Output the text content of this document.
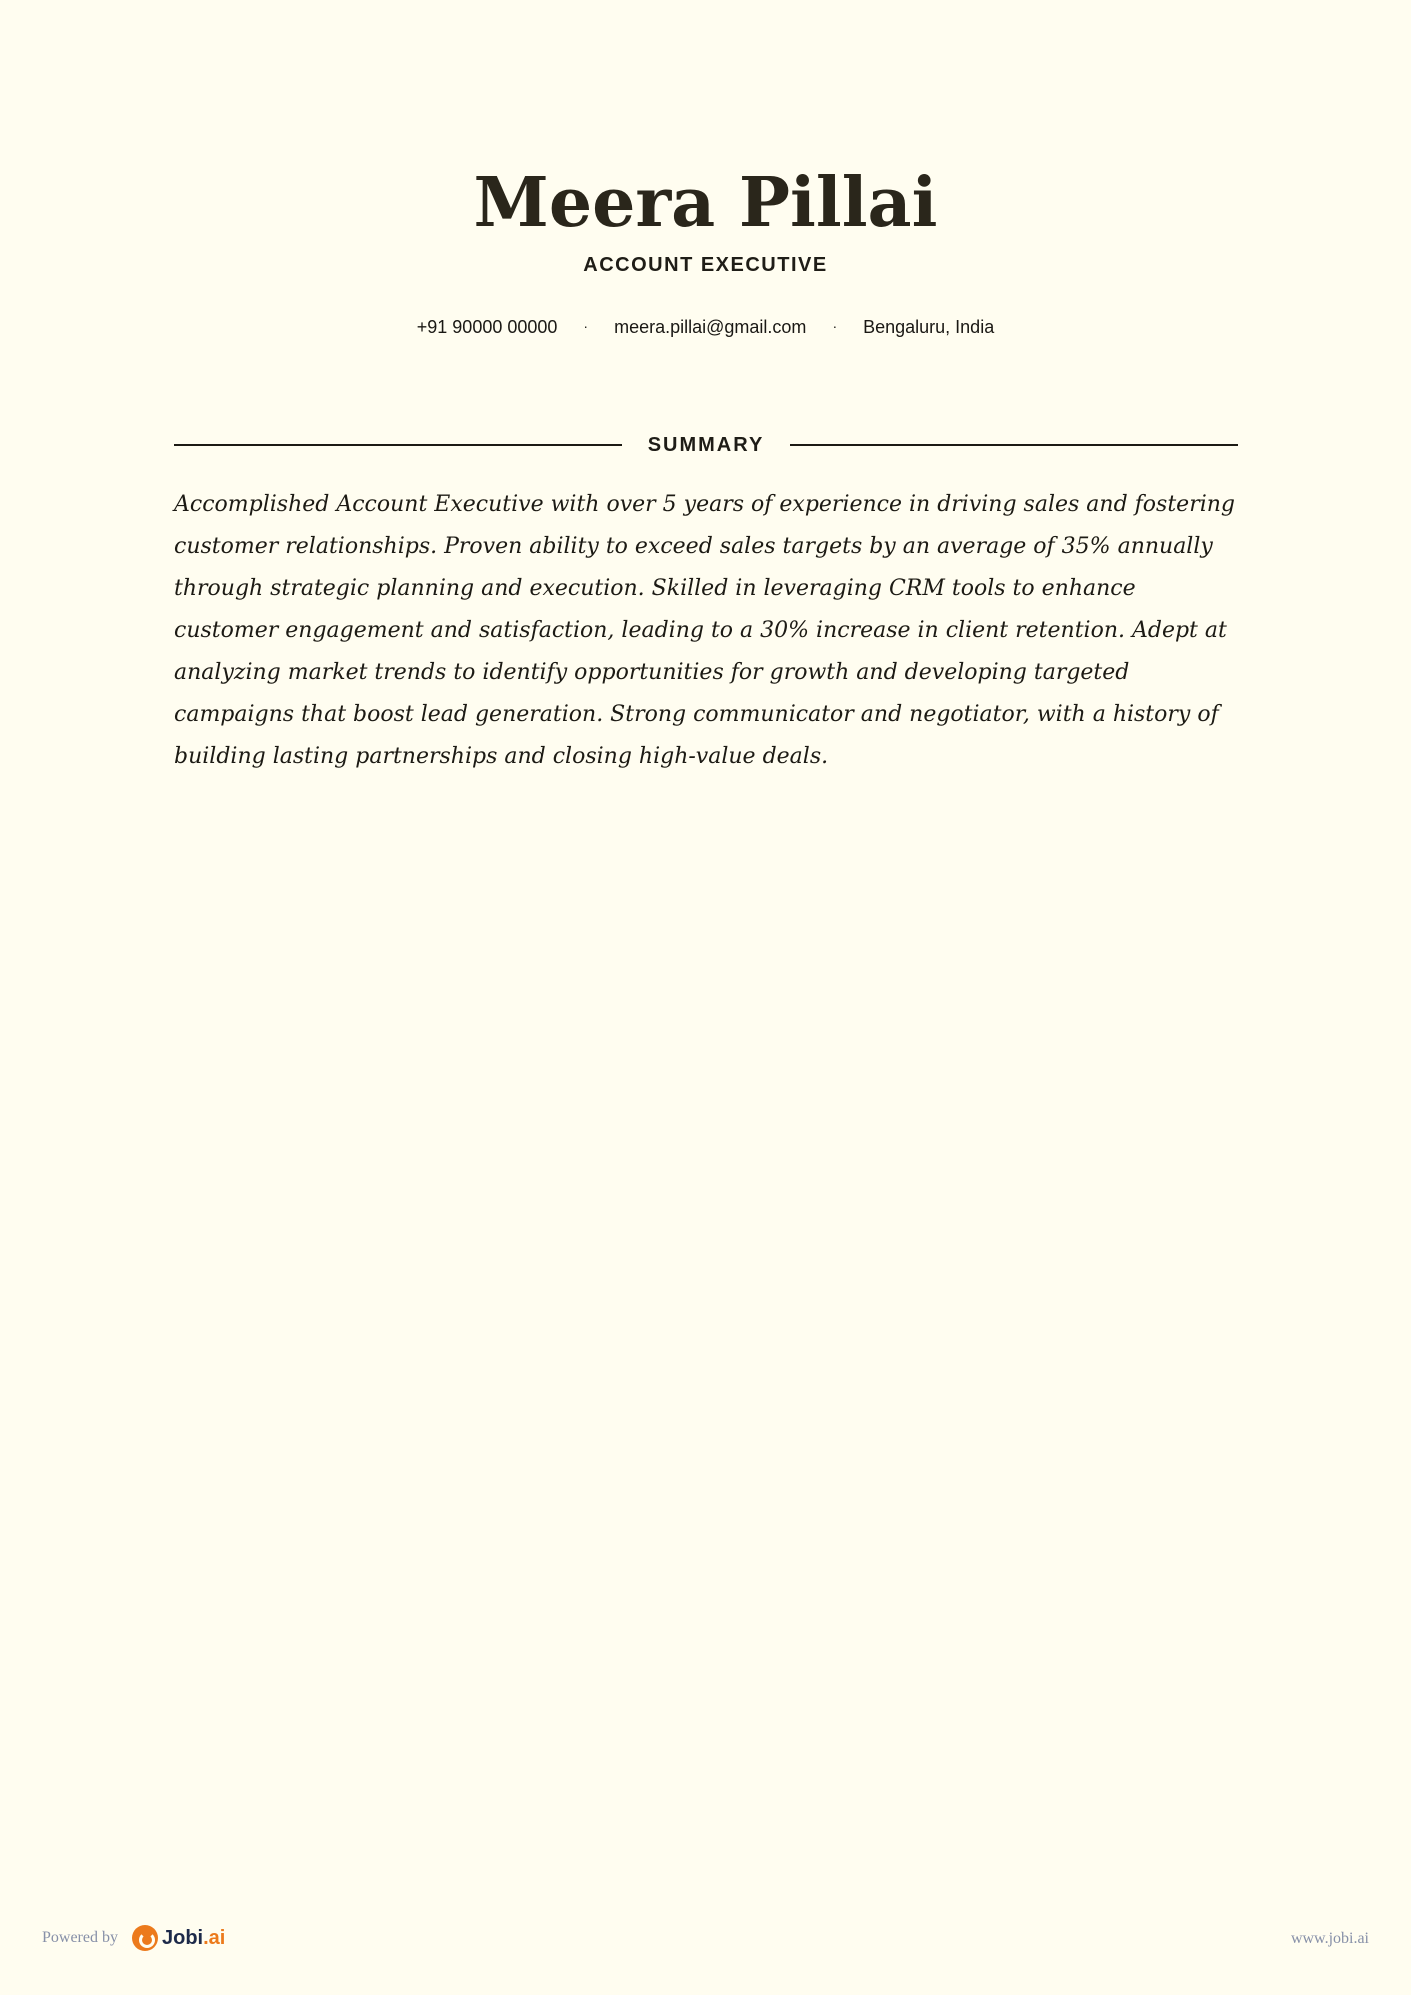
Meera Pillai
ACCOUNT EXECUTIVE
+91 90000 00000 · meera.pillai@gmail.com · Bengaluru, India
SUMMARY

Accomplished Account Executive with over 5 years of experience in driving sales and fostering customer relationships. Proven ability to exceed sales targets by an average of 35% annually through strategic planning and execution. Skilled in leveraging CRM tools to enhance customer engagement and satisfaction, leading to a 30% increase in client retention. Adept at analyzing market trends to identify opportunities for growth and developing targeted campaigns that boost lead generation. Strong communicator and negotiator, with a history of building lasting partnerships and closing high-value deals.

Powered by Jobi.ai	www.jobi.ai
